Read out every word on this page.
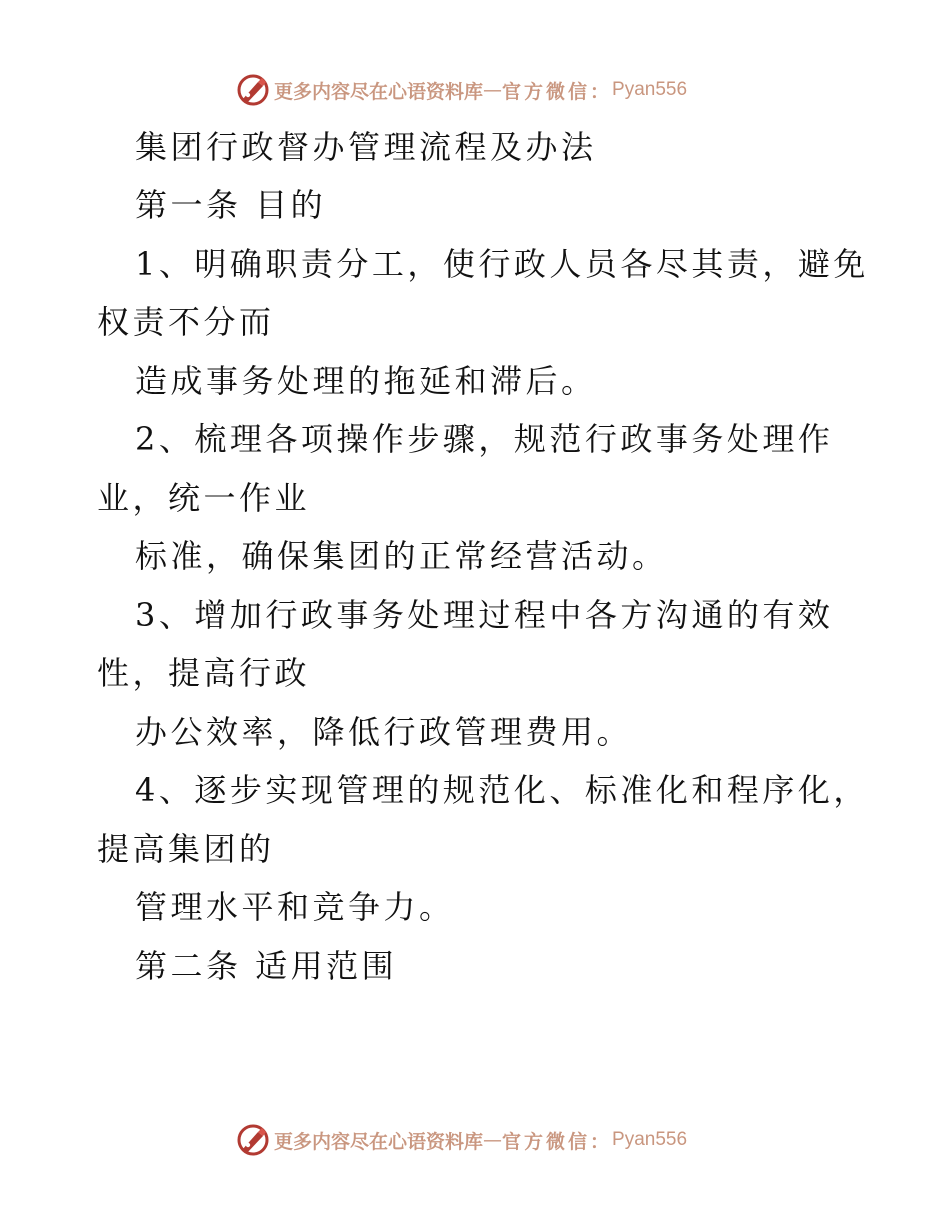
更多内容尽在心语资料库 — 官方微信： Pyan556
集团行政督办管理流程及办法
第一条 目的
1、明确职责分工，使行政人员各尽其责，避免
权责不分而
造成事务处理的拖延和滞后。
2、梳理各项操作步骤，规范行政事务处理作
业，统一作业
标准，确保集团的正常经营活动。
3、增加行政事务处理过程中各方沟通的有效
性，提高行政
办公效率，降低行政管理费用。
4、逐步实现管理的规范化、标准化和程序化，
提高集团的
管理水平和竞争力。
第二条 适用范围
更多内容尽在心语资料库 — 官方微信： Pyan556
